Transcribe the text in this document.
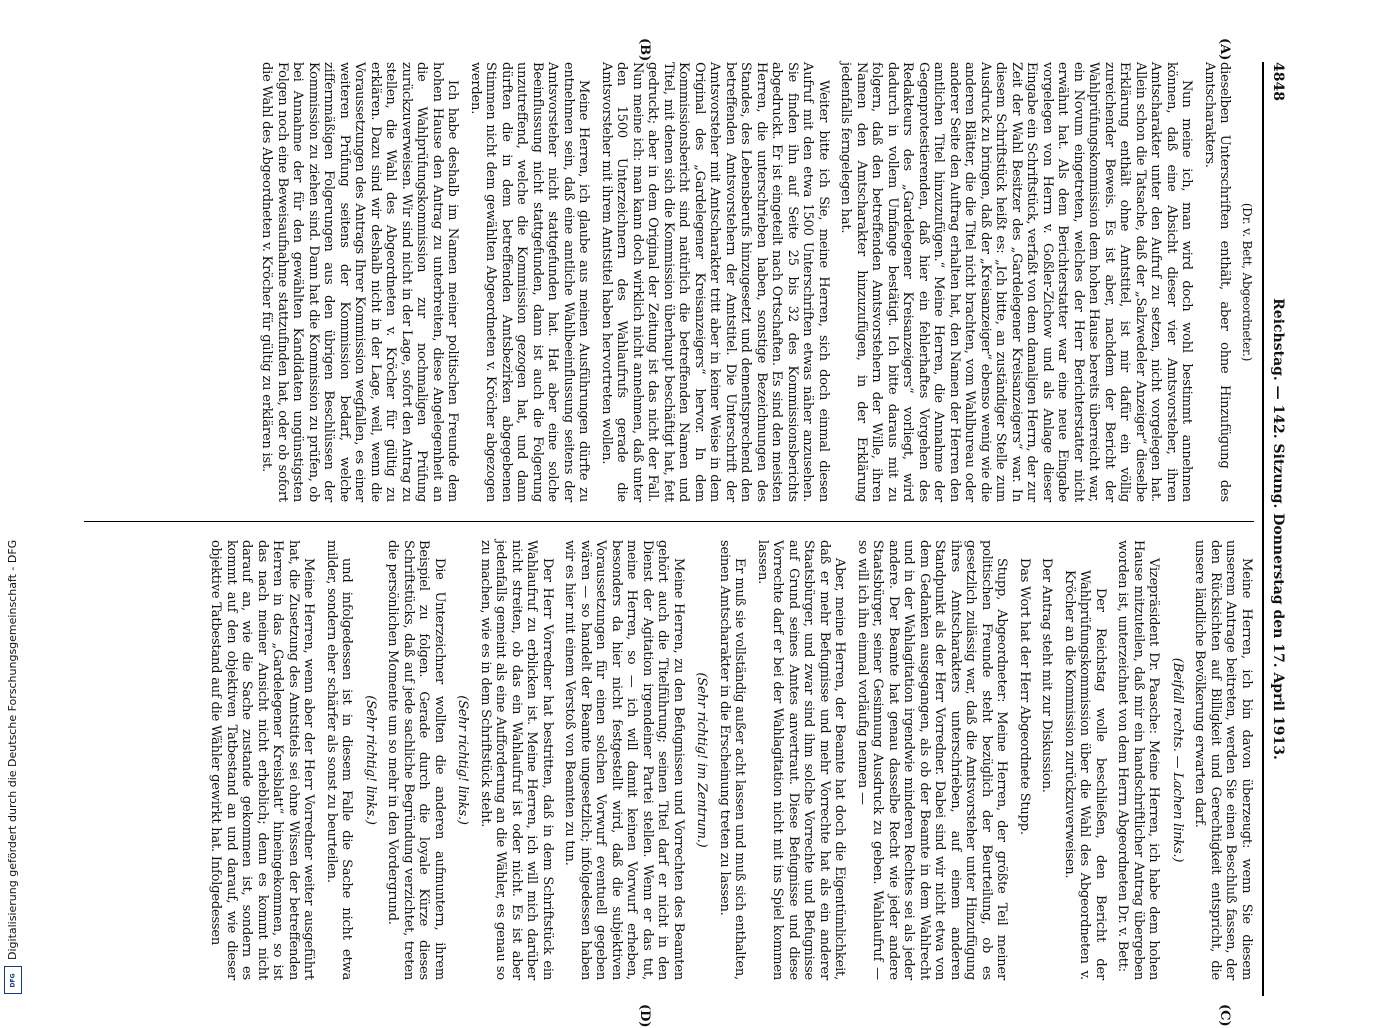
Digitalisierung gefördert durch die Deutsche Forschungsgemeinschaft - DFG
DFG
4848
Reichstag. — 142. Sitzung. Donnerstag den 17. April 1913.
(A)
(B)
(C)
(D)

(Dr. v. Bett, Abgeordneter.)

dieselben Unterschriften enthält, aber ohne Hinzufügung des Amtscharakters.

Nun meine ich, man wird doch wohl bestimmt annehmen können, daß eine Absicht dieser vier Amtsvorsteher, ihren Amtscharakter unter den Aufruf zu setzen, nicht vorgelegen hat. Allein schon die Tatsache, daß der „Salzwedeler Anzeiger“ dieselbe Erklärung enthält ohne Amtstitel, ist mir dafür ein völlig zureichender Beweis. Es ist aber, nachdem der Bericht der Wahlprüfungskommission dem hohen Hause bereits überreicht war, ein Novum eingetreten, welches der Herr Berichterstatter nicht erwähnt hat. Als dem Berichterstatter war eine neue Eingabe vorgelegen von Herrn v. Goßler-Zichow und als Anlage dieser Eingabe ein Schriftstück, verfaßt von dem damaligen Herrn, der zur Zeit der Wahl Besitzer des „Gardelegener Kreisanzeigers“ war. In diesem Schriftstück heißt es: „Ich bitte, an zuständiger Stelle zum Ausdruck zu bringen, daß der „Kreisanzeiger“ ebenso wenig wie die anderen Blätter, die die Titel nicht brachten, vom Wahlbureau oder anderer Seite den Auftrag erhalten hat, den Namen der Herren den amtlichen Titel hinzuzufügen.“ Meine Herren, die Annahme der Gegenprotestierenden, daß hier ein fehlerhaftes Vorgehen des Redakteurs des „Gardelegener Kreisanzeigers“ vorliegt, wird dadurch in vollem Umfange bestätigt. Ich bitte daraus mit zu folgern, daß den betreffenden Amtsvorstehern der Wille, ihren Namen den Amtscharakter hinzuzufügen, in der Erklärung jedenfalls ferngelegen hat.

Weiter bitte ich Sie, meine Herren, sich doch einmal diesen Aufruf mit den etwa 1500 Unterschriften etwas näher anzusehen. Sie finden ihn auf Seite 25 bis 32 des Kommissionsberichts abgedruckt. Er ist eingeteilt nach Ortschaften. Es sind den meisten Herren, die unterschrieben haben, sonstige Bezeichnungen des Standes, des Lebensberufs hinzugesetzt und dementsprechend den betreffenden Amtsvorstehern der Amtstitel. Die Unterschrift der Amtsvorsteher mit Amtscharakter tritt aber in keiner Weise in dem Original des „Gardelegener Kreisanzeigers“ hervor. In dem Kommissionsbericht sind natürlich die betreffenden Namen und Titel, mit denen sich die Kommission überhaupt beschäftigt hat, fett gedruckt; aber in dem Original der Zeitung ist das nicht der Fall. Nun meine ich: man kann doch wirklich nicht annehmen, daß unter den 1500 Unterzeichnern des Wahlaufrufs gerade die Amtsvorsteher mit ihrem Amtstitel haben hervortreten wollen.

Meine Herren, ich glaube aus meinen Ausführungen dürfte zu entnehmen sein, daß eine amtliche Wahlbeeinflussung seitens der Amtsvorsteher nicht stattgefunden hat. Hat aber eine solche Beeinflussung nicht stattgefunden, dann ist auch die Folgerung unzutreffend, welche die Kommission gezogen hat, und dann dürften die in dem betreffenden Amtsbezirken abgegebenen Stimmen nicht dem gewählten Abgeordneten v. Kröcher abgezogen werden.

Ich habe deshalb im Namen meiner politischen Freunde dem hohen Hause den Antrag zu unterbreiten, diese Angelegenheit an die Wahlprüfungskommission zur nochmaligen Prüfung zurückzuverweisen. Wir sind nicht in der Lage, sofort den Antrag zu stellen, die Wahl des Abgeordneten v. Kröcher für gültig zu erklären. Dazu sind wir deshalb nicht in der Lage, weil, wenn die Voraussetzungen des Antrags Ihrer Kommission wegfallen, es einer weiteren Prüfung seitens der Kommission bedarf, welche ziffernmäßigen Folgerungen aus den übrigen Beschlüssen der Kommission zu ziehen sind. Dann hat die Kommission zu prüfen, ob bei Annahme der für den gewählten Kandidaten ungünstigsten Folgen noch eine Beweisaufnahme stattzufinden hat, oder ob sofort die Wahl des Abgeordneten v. Kröcher für gültig zu erklären ist.

Meine Herren, ich bin davon überzeugt: wenn Sie diesem unserem Antrage beitreten, werden Sie einen Beschluß fassen, der den Rücksichten auf Billigkeit und Gerechtigkeit entspricht, die unsere ländliche Bevölkerung erwarten darf.

(Beifall rechts. — Lachen links.)

Vizepräsident Dr. Paasche: Meine Herren, ich habe dem hohen Hause mitzuteilen, daß mir ein handschriftlicher Antrag übergeben worden ist, unterzeichnet von dem Herrn Abgeordneten Dr. v. Bett:

Der Reichstag wolle beschließen, den Bericht der Wahlprüfungskommission über die Wahl des Abgeordneten v. Kröcher an die Kommission zurückzuverweisen.

Der Antrag steht mit zur Diskussion.

Das Wort hat der Herr Abgeordnete Stupp.

Stupp, Abgeordneter: Meine Herren, der größte Teil meiner politischen Freunde steht bezüglich der Beurteilung, ob es gesetzlich zulässig war, daß die Amtsvorsteher unter Hinzufügung ihres Amtscharakters unterschrieben, auf einem anderen Standpunkt als der Herr Vorredner. Dabei sind wir nicht etwa von dem Gedanken ausgegangen, als ob der Beamte in dem Wahlrecht und in der Wahlagitation irgendwie minderen Rechtes sei als jeder andere. Der Beamte hat genau dasselbe Recht wie jeder andere Staatsbürger, seiner Gesinnung Ausdruck zu geben. Wahlaufruf — so will ich ihn einmal vorläufig nennen —

Aber, meine Herren, der Beamte hat doch die Eigentümlichkeit, daß er mehr Befugnisse und mehr Vorrechte hat als ein anderer Staatsbürger, und zwar sind ihm solche Vorrechte und Befugnisse auf Grund seines Amtes anvertraut. Diese Befugnisse und diese Vorrechte darf er bei der Wahlagitation nicht mit ins Spiel kommen lassen.

Er muß sie vollständig außer acht lassen und muß sich enthalten, seinen Amtscharakter in die Erscheinung treten zu lassen.

(Sehr richtig! im Zentrum.)

Meine Herren, zu den Befugnissen und Vorrechten des Beamten gehört auch die Titelführung; seinen Titel darf er nicht in den Dienst der Agitation irgendeiner Partei stellen. Wenn er das tut, meine Herren, so — ich will damit keinen Vorwurf erheben, besonders da hier nicht festgestellt wird, daß die subjektiven Voraussetzungen für einen solchen Vorwurf eventuell gegeben wären — so handelt der Beamte ungesetzlich; infolgedessen haben wir es hier mit einem Verstoß von Beamten zu tun.

Der Herr Vorredner hat bestritten, daß in dem Schriftstück ein Wahlaufruf zu erblicken ist. Meine Herren, ich will mich darüber nicht streiten, ob das ein Wahlaufruf ist oder nicht. Es ist aber jedenfalls gemeint als eine Aufforderung an die Wähler, es genau so zu machen, wie es in dem Schriftstück steht.

(Sehr richtig! links.)

Die Unterzeichner wollten die anderen aufmuntern, ihrem Beispiel zu folgen. Gerade durch die loyale Kürze dieses Schriftstücks, daß auf jede sachliche Begründung verzichtet, treten die persönlichen Momente um so mehr in den Vordergrund.

(Sehr richtig! links.)

und infolgedessen ist in diesem Falle die Sache nicht etwa milder, sondern eher schärfer als sonst zu beurteilen.

Meine Herren, wenn aber der Herr Vorredner weiter ausgeführt hat, die Zusetzung des Amtstitels sei ohne Wissen der betreffenden Herren in das „Gardelegener Kreisblatt“ hineingekommen, so ist das nach meiner Ansicht nicht erheblich; denn es kommt nicht darauf an, wie die Sache zustande gekommen ist, sondern es kommt auf den objektiven Tatbestand an und darauf, wie dieser objektive Tatbestand auf die Wähler gewirkt hat. Infolgedessen
